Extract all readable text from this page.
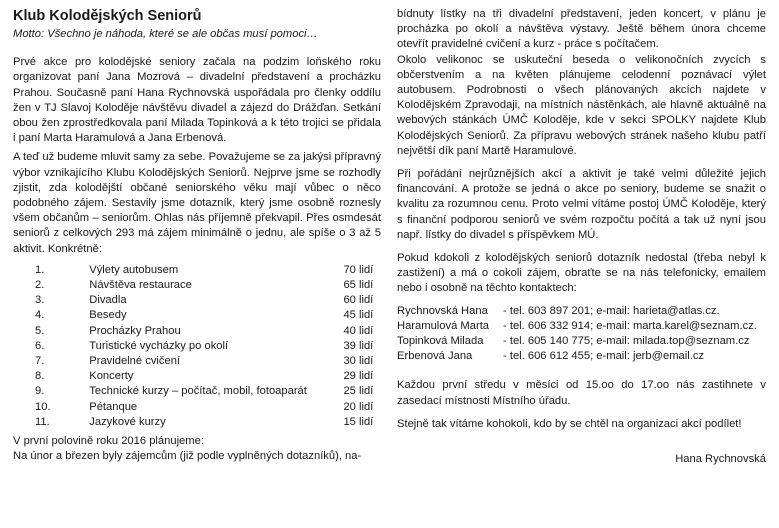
Klub Kolodějských Seniorů
Motto: Všechno je náhoda, které se ale občas musí pomoci…

Prvé akce pro kolodějské seniory začala na podzim loňského roku organizovat paní Jana Mozrová – divadelní představení a procházku Prahou. Současně paní Hana Rychnovská uspořádala pro členky oddílu žen v TJ Slavoj Koloděje návštěvu divadel a zájezd do Drážďan. Setkání obou žen zprostředkovala paní Milada Topinková a k této trojici se přidala i paní Marta Haramulová a Jana Erbenová.

A teď už budeme mluvit samy za sebe. Považujeme se za jakýsi přípravný výbor vznikajícího Klubu Kolodějských Seniorů. Nejprve jsme se rozhodly zjistit, zda kolodějští občané seniorského věku mají vůbec o něco podobného zájem. Sestavily jsme dotazník, který jsme osobně roznesly všem občanům – seniorům. Ohlas nás příjemně překvapil. Přes osmdesát seniorů z celkových 293 má zájem minimálně o jednu, ale spíše o 3 až 5 aktivit. Konkrétně:

1.	Výlety autobusem	70 lidí
2.	Návštěva restaurace	65 lidí
3.	Divadla	60 lidí
4.	Besedy	45 lidí
5.	Procházky Prahou	40 lidí
6.	Turistické vycházky po okolí	39 lidí
7.	Pravidelné cvičení	30 lidí
8.	Koncerty	29 lidí
9.	Technické kurzy – počítač, mobil, fotoaparát	25 lidí
10.	Pétanque	20 lidí
11.	Jazykové kurzy	15 lidí

V první polovině roku 2016 plánujeme:

Na únor a březen byly zájemcům (již podle vyplněných dotazníků), na-

bídnuty lístky na tři divadelní představení, jeden koncert, v plánu je procházka po okolí a návštěva výstavy. Ještě během února chceme otevřít pravidelné cvičení a kurz - práce s počítačem.

Okolo velikonoc se uskuteční beseda o velikonočních zvycích s občerstvením a na květen plánujeme celodenní poznávací výlet autobusem. Podrobnosti o všech plánovaných akcích najdete v Kolodějském Zpravodaji, na místních nástěnkách, ale hlavně aktuálně na webových stánkách ÚMČ Koloděje, kde v sekci SPOLKY najdete Klub Kolodějských Seniorů. Za přípravu webových stránek našeho klubu patří největší dík paní Martě Haramulové.

Při pořádání nejrůznějších akcí a aktivit je také velmi důležité jejich financování. A protože se jedná o akce po seniory, budeme se snažit o kvalitu za rozumnou cenu. Proto velmi vítáme postoj ÚMČ Koloděje, který s finanční podporou seniorů ve svém rozpočtu počítá a tak už nyní jsou např. lístky do divadel s příspěvkem MÚ.

Pokud kdokoli z kolodějských seniorů dotazník nedostal (třeba nebyl k zastižení) a má o cokoli zájem, obraťte se na nás telefonicky, emailem nebo i osobně na těchto kontaktech:

Rychnovská Hana	- tel. 603 897 201; e-mail: harieta@atlas.cz.
Haramulová Marta	- tel. 606 332 914; e-mail: marta.karel@seznam.cz.
Topinková Milada	- tel. 605 140 775; e-mail: milada.top@seznam.cz
Erbenová Jana	- tel. 606 612 455; e-mail: jerb@email.cz

Každou první středu v měsíci od 15.oo do 17.oo nás zastihnete v zasedací místnosti Místního úřadu.

Stejně tak vítáme kohokoli, kdo by se chtěl na organizaci akcí podílet!

Hana Rychnovská
